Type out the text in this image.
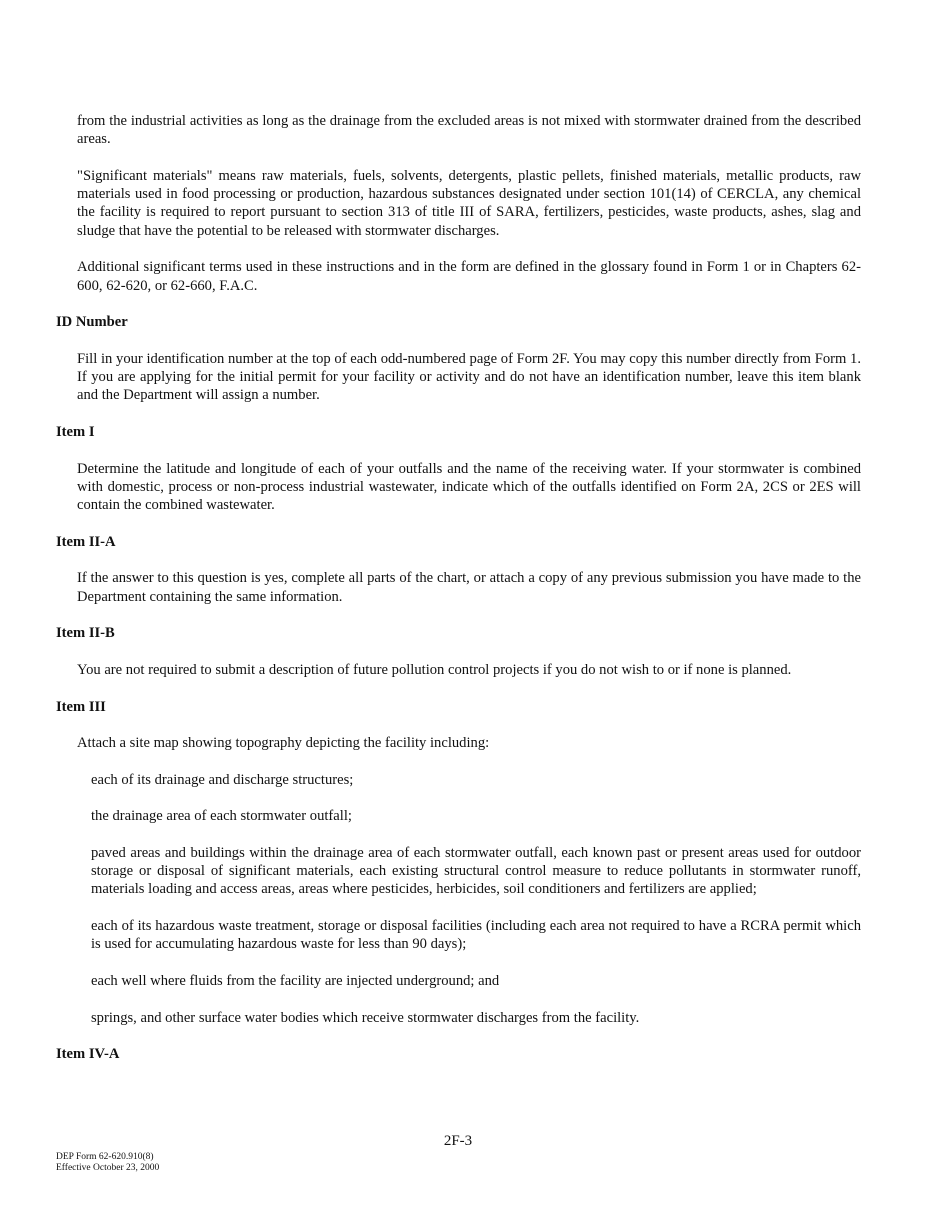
from the industrial activities as long as the drainage from the excluded areas is not mixed with stormwater drained from the described areas.

"Significant materials" means raw materials, fuels, solvents, detergents, plastic pellets, finished materials, metallic products, raw materials used in food processing or production, hazardous substances designated under section 101(14) of CERCLA, any chemical the facility is required to report pursuant to section 313 of title III of SARA, fertilizers, pesticides, waste products, ashes, slag and sludge that have the potential to be released with stormwater discharges.

Additional significant terms used in these instructions and in the form are defined in the glossary found in Form 1 or in Chapters 62-600, 62-620, or 62-660, F.A.C.

ID Number

Fill in your identification number at the top of each odd-numbered page of Form 2F. You may copy this number directly from Form 1. If you are applying for the initial permit for your facility or activity and do not have an identification number, leave this item blank and the Department will assign a number.

Item I

Determine the latitude and longitude of each of your outfalls and the name of the receiving water. If your stormwater is combined with domestic, process or non-process industrial wastewater, indicate which of the outfalls identified on Form 2A, 2CS or 2ES will contain the combined wastewater.

Item II-A

If the answer to this question is yes, complete all parts of the chart, or attach a copy of any previous submission you have made to the Department containing the same information.

Item II-B

You are not required to submit a description of future pollution control projects if you do not wish to or if none is planned.

Item III

Attach a site map showing topography depicting the facility including:

each of its drainage and discharge structures;

the drainage area of each stormwater outfall;

paved areas and buildings within the drainage area of each stormwater outfall, each known past or present areas used for outdoor storage or disposal of significant materials, each existing structural control measure to reduce pollutants in stormwater runoff, materials loading and access areas, areas where pesticides, herbicides, soil conditioners and fertilizers are applied;

each of its hazardous waste treatment, storage or disposal facilities (including each area not required to have a RCRA permit which is used for accumulating hazardous waste for less than 90 days);

each well where fluids from the facility are injected underground; and

springs, and other surface water bodies which receive stormwater discharges from the facility.

Item IV-A
2F-3
DEP Form 62-620.910(8)
Effective October 23, 2000
